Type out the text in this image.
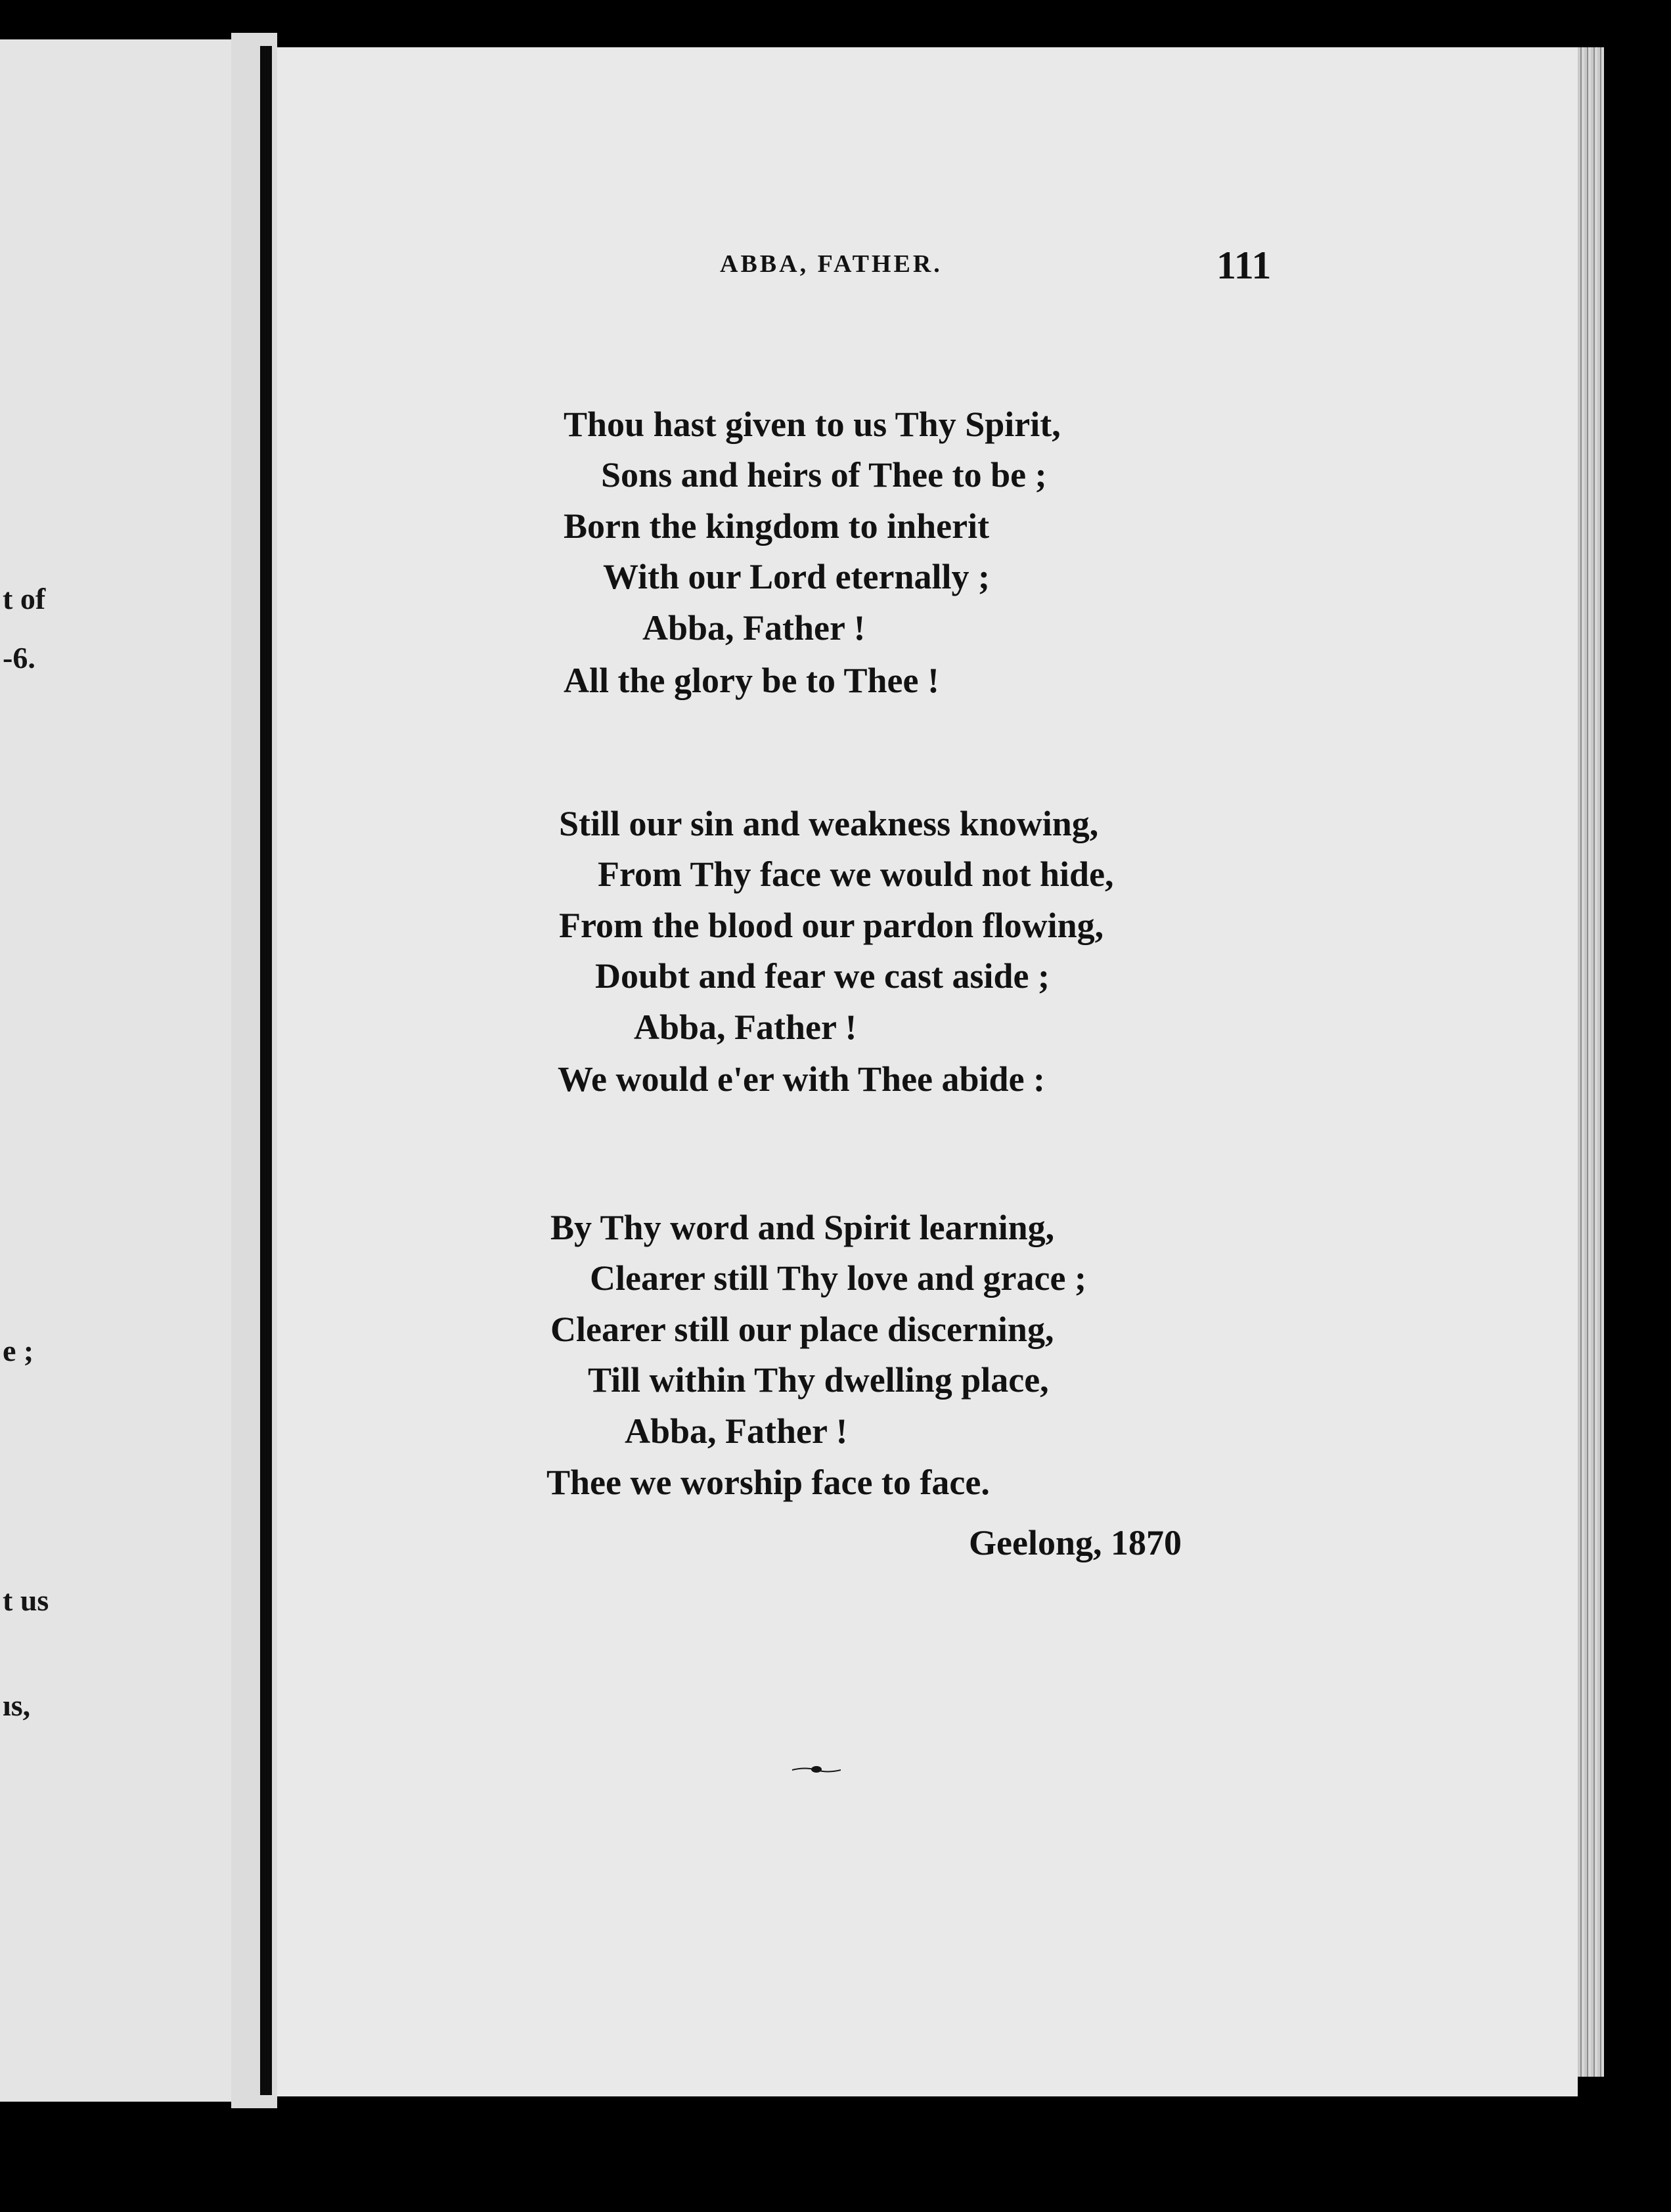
t of
-6.
e ;
t us
ıs,
ABBA, FATHER.	111
Thou hast given to us Thy Spirit,
Sons and heirs of Thee to be ;
Born the kingdom to inherit
With our Lord eternally ;
Abba, Father !
All the glory be to Thee !
Still our sin and weakness knowing,
From Thy face we would not hide,
From the blood our pardon flowing,
Doubt and fear we cast aside ;
Abba, Father !
We would e'er with Thee abide :
By Thy word and Spirit learning,
Clearer still Thy love and grace ;
Clearer still our place discerning,
Till within Thy dwelling place,
Abba, Father !
Thee we worship face to face.
Geelong, 1870
